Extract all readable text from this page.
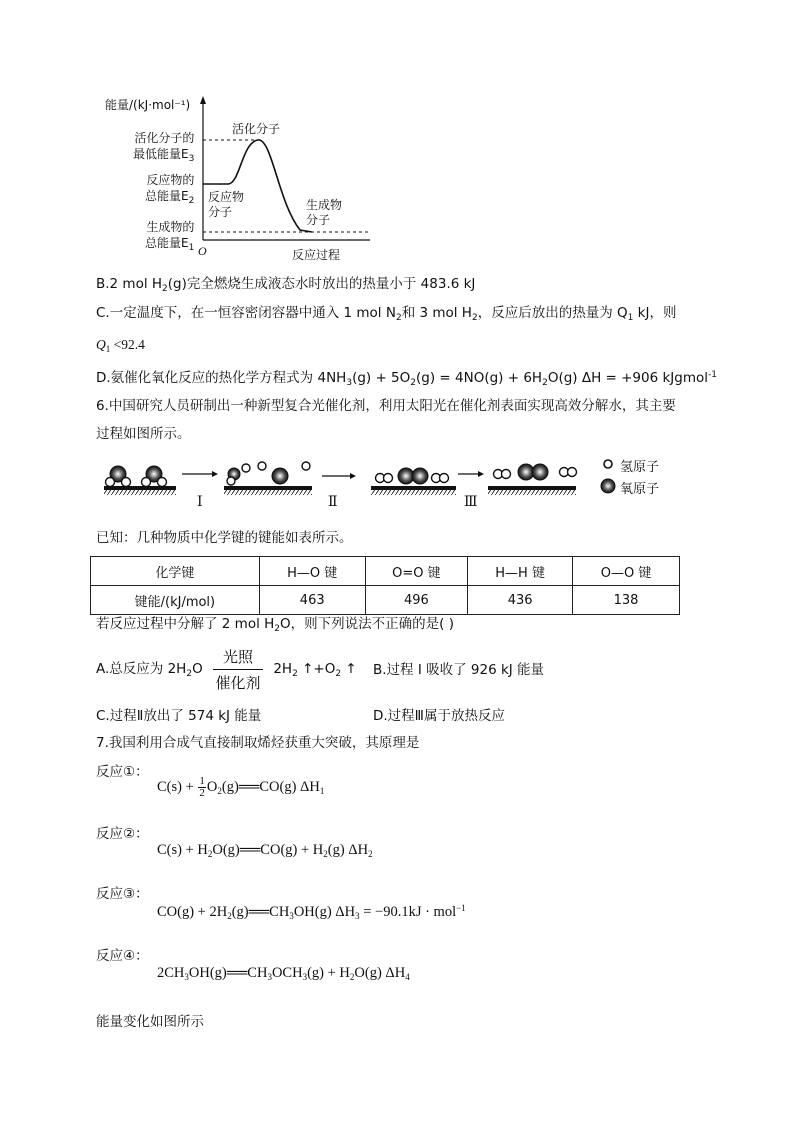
能量/(kJ·mol⁻¹)
活化分子的
最低能量$E_3$
反应物的
总能量$E_2$
生成物的
总能量$E_1$ O	反应过程
活化分子
反应物
分子	生成物
分子
B.2 mol $H_2(g)$完全燃烧生成液态水时放出的热量小于 483.6 kJ
C.一定温度下，在一恒容密闭容器中通入 1 mol $N_2$和 3 mol $H_2$，反应后放出的热量为 $Q_1$ kJ，则
$Q_1 <92.4$
D.氨催化氧化反应的热化学方程式为 $4NH_3(g) + 5O_2(g) = 4NO(g) + 6H_2O(g) \Delta H = +906$ kJgmol$^{-1}$
6.中国研究人员研制出一种新型复合光催化剂，利用太阳光在催化剂表面实现高效分解水，其主要
过程如图所示。
Ⅰ	Ⅱ	Ⅲ
氢原子
氧原子
已知：几种物质中化学键的键能如表所示。
化学键	H—O 键	O=O 键	H—H 键	O—O 键
键能/(kJ/mol)	463	496	436	138
若反应过程中分解了 2 mol $H_2O$，则下列说法不正确的是( )
A.总反应为 $2H_2O \frac{\text{光照}}{\text{催化剂}} 2H_2$ $↑+O_2$ ↑ B.过程 I 吸收了 926 kJ 能量
C.过程Ⅱ放出了 574 kJ 能量	D.过程Ⅲ属于放热反应
7.我国利用合成气直接制取烯烃获重大突破，其原理是
反应①：
$C(s) + \frac{1}{2}$ $O_2(g)══CO(g)$ $\Delta H_1$
反应②：
$C(s) + H_2O(g)══CO(g) + H_2(g)$ $\Delta H_2$
反应③：
$CO(g) + 2H_2(g)══CH_3OH(g) \Delta H_3 = -90.1kJ \cdot mol^{-1}$
反应④：
$2CH_3OH(g)══CH_3OCH_3(g) + H_2O(g)$ $\Delta H_4$
能量变化如图所示
